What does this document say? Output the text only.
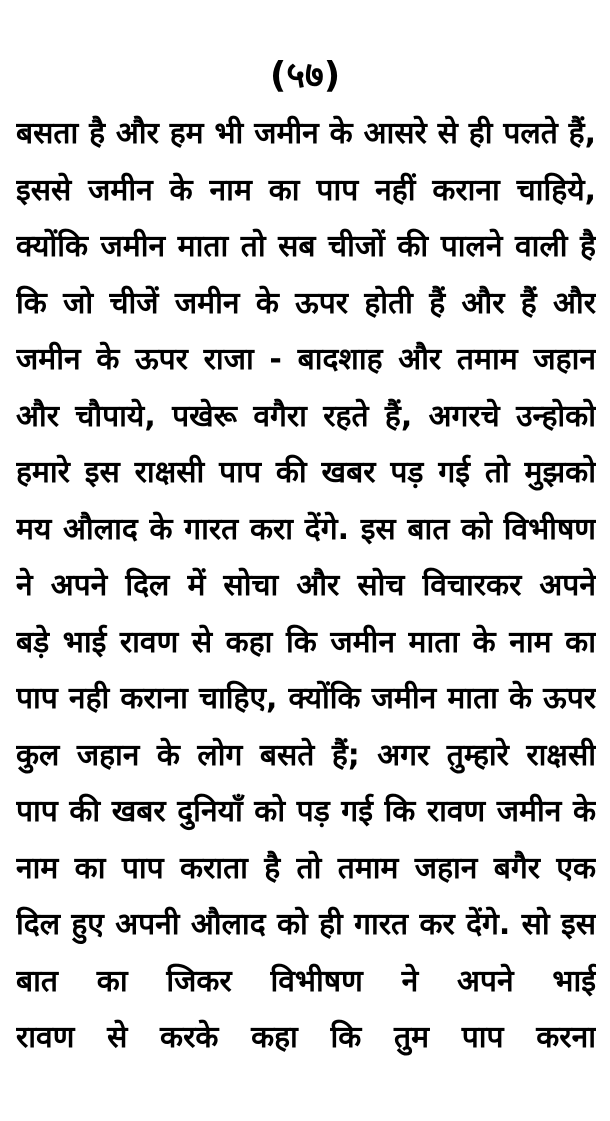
(५७)
बसता है और हम भी जमीन के आसरे से ही पलते हैं,
इससे जमीन के नाम का पाप नहीं कराना चाहिये,
क्योंकि जमीन माता तो सब चीजों की पालने वाली है
कि जो चीजें जमीन के ऊपर होती हैं और हैं और
जमीन के ऊपर राजा - बादशाह और तमाम जहान
और चौपाये, पखेरू वगैरा रहते हैं, अगरचे उन्होको
हमारे इस राक्षसी पाप की खबर पड़ गई तो मुझको
मय औलाद के गारत करा देंगे. इस बात को विभीषण
ने अपने दिल में सोचा और सोच विचारकर अपने
बड़े भाई रावण से कहा कि जमीन माता के नाम का
पाप नही कराना चाहिए, क्योंकि जमीन माता के ऊपर
कुल जहान के लोग बसते हैं; अगर तुम्हारे राक्षसी
पाप की खबर दुनियाँ को पड़ गई कि रावण जमीन के
नाम का पाप कराता है तो तमाम जहान बगैर एक
दिल हुए अपनी औलाद को ही गारत कर देंगे. सो इस
बात का जिकर विभीषण ने अपने भाई
रावण से करके कहा कि तुम पाप करना
